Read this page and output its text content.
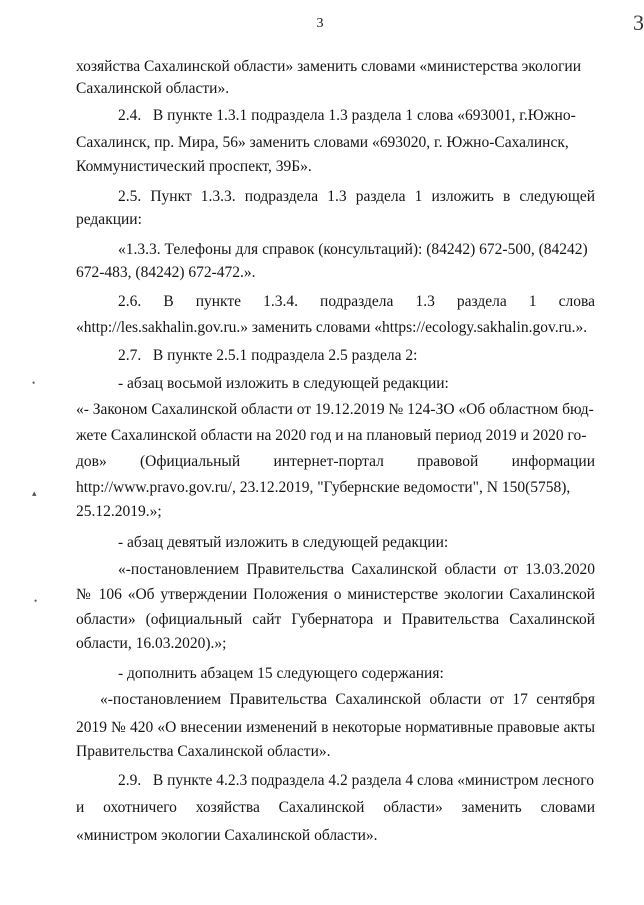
3	3
•
▴
•

хозяйства Сахалинской области» заменить словами «министерства экологии

Сахалинской области».

2.4.   В пункте 1.3.1 подраздела 1.3 раздела 1 слова «693001, г.Южно-

Сахалинск, пр. Мира, 56» заменить словами «693020, г. Южно-Сахалинск,

Коммунистический проспект, 39Б».

2.5. Пункт 1.3.3. подраздела 1.3 раздела 1 изложить в следующей

редакции:

«1.3.3. Телефоны для справок (консультаций): (84242) 672-500, (84242)

672-483, (84242) 672-472.».

2.6. В пункте 1.3.4. подраздела 1.3 раздела 1 слова

«http://les.sakhalin.gov.ru.» заменить словами «https://ecology.sakhalin.gov.ru.».

2.7.   В пункте 2.5.1 подраздела 2.5 раздела 2:

- абзац восьмой изложить в следующей редакции:

«- Законом Сахалинской области от 19.12.2019 № 124-ЗО «Об областном бюд-

жете Сахалинской области на 2020 год и на плановый период 2019 и 2020 го-

дов» (Официальный интернет-портал правовой информации

http://www.pravo.gov.ru/, 23.12.2019, "Губернские ведомости", N 150(5758),

25.12.2019.»;

- абзац девятый изложить в следующей редакции:

«-постановлением Правительства Сахалинской области от 13.03.2020

№ 106 «Об утверждении Положения о министерстве экологии Сахалинской

области» (официальный сайт Губернатора и Правительства Сахалинской

области, 16.03.2020).»;

- дополнить абзацем 15 следующего содержания:

«-постановлением Правительства Сахалинской области от 17 сентября

2019 № 420 «О внесении изменений в некоторые нормативные правовые акты

Правительства Сахалинской области».

2.9.   В пункте 4.2.3 подраздела 4.2 раздела 4 слова «министром лесного

и охотничего хозяйства Сахалинской области» заменить словами

«министром экологии Сахалинской области».
